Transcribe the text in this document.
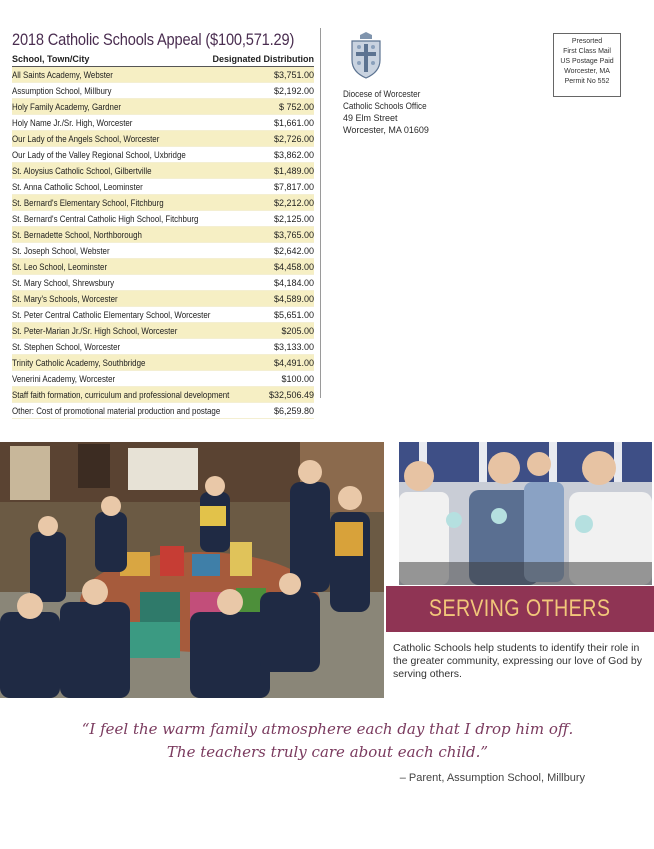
2018 Catholic Schools Appeal ($100,571.29)
School, Town/City	Designated Distribution
All Saints Academy, Webster	$3,751.00
Assumption School, Millbury	$2,192.00
Holy Family Academy, Gardner	$ 752.00
Holy Name Jr./Sr. High, Worcester	$1,661.00
Our Lady of the Angels School, Worcester	$2,726.00
Our Lady of the Valley Regional School, Uxbridge	$3,862.00
St. Aloysius Catholic School, Gilbertville	$1,489.00
St. Anna Catholic School, Leominster	$7,817.00
St. Bernard's Elementary School, Fitchburg	$2,212.00
St. Bernard's Central Catholic High School, Fitchburg	$2,125.00
St. Bernadette School, Northborough	$3,765.00
St. Joseph School, Webster	$2,642.00
St. Leo School, Leominster	$4,458.00
St. Mary School, Shrewsbury	$4,184.00
St. Mary's Schools, Worcester	$4,589.00
St. Peter Central Catholic Elementary School, Worcester	$5,651.00
St. Peter-Marian Jr./Sr. High School, Worcester	$205.00
St. Stephen School, Worcester	$3,133.00
Trinity Catholic Academy, Southbridge	$4,491.00
Venerini Academy, Worcester	$100.00
Staff faith formation, curriculum and professional development	$32,506.49
Other: Cost of promotional material production and postage	$6,259.80
Diocese of Worcester
Catholic Schools Office
49 Elm Street
Worcester, MA 01609
Presorted
First Class Mail
US Postage Paid
Worcester, MA
Permit No 552
SERVING OTHERS
Catholic Schools help students to identify their role in the greater community, expressing our love of God by serving others.
“I feel the warm family atmosphere each day that I drop him off.
The teachers truly care about each child.”
– Parent, Assumption School, Millbury
